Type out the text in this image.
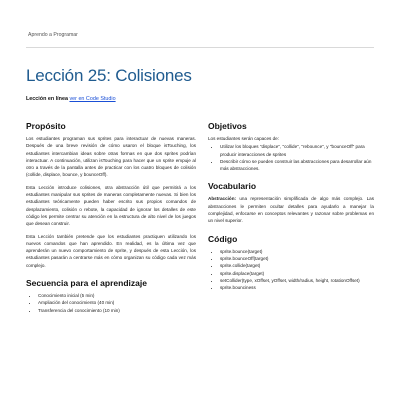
Aprendo a Programar
Lección 25: Colisiones
Lección en línea ver en Code Studio
Propósito

Los estudiantes programan sus sprites para interactuar de nuevas maneras. Después de una breve revisión de cómo usaron el bloque isTouching, los estudiantes intercambian ideas sobre otras formas en que dos sprites podrían interactuar. A continuación, utilizan isTouching para hacer que un sprite empuje al otro a través de la pantalla antes de practicar con los cuatro bloques de colisión (collide, displace, bounce, y bounceOff).

Esta Lección introduce colisiones, otra abstracción útil que permitirá a los estudiantes manipular sus sprites de maneras completamente nuevas. Si bien los estudiantes teóricamente pueden haber escrito sus propios comandos de desplazamiento, colisión o rebote, la capacidad de ignorar los detalles de este código les permite centrar su atención en la estructura de alto nivel de los juegos que desean construir.

Esta Lección también pretende que los estudiantes practiquen utilizando los nuevos comandos que han aprendido. En realidad, es la última vez que aprenderán un nuevo comportamiento de sprite, y después de esta Lección, los estudiantes pasarán a centrarse más en cómo organizan su código cada vez más complejo.

Secuencia para el aprendizaje
• Conocimiento inicial (5 min)
• Ampliación del conocimiento (40 min)
• Transferencia del conocimiento (10 min)
Objetivos

Los estudiantes serán capaces de:

• Utilizar los bloques "displace", "collide", "rebounce", y "bounceOff" para producir interacciones de sprites
• Describir cómo se pueden construir las abstracciones para desarrollar aún más abstracciones.
Vocabulario

Abstracción: una representación simplificada de algo más complejo. Las abstracciones le permiten ocultar detalles para ayudarlo a manejar la complejidad, enfocarse en conceptos relevantes y razonar sobre problemas en un nivel superior.

Código
• sprite.bounce(target)
• sprite.bounceOff(target)
• sprite.collide(target)
• sprite.displace(target)
• setCollider(type, xOffset, yOffset, width/radius, height, rotationOffset)
• sprite.bounciness
